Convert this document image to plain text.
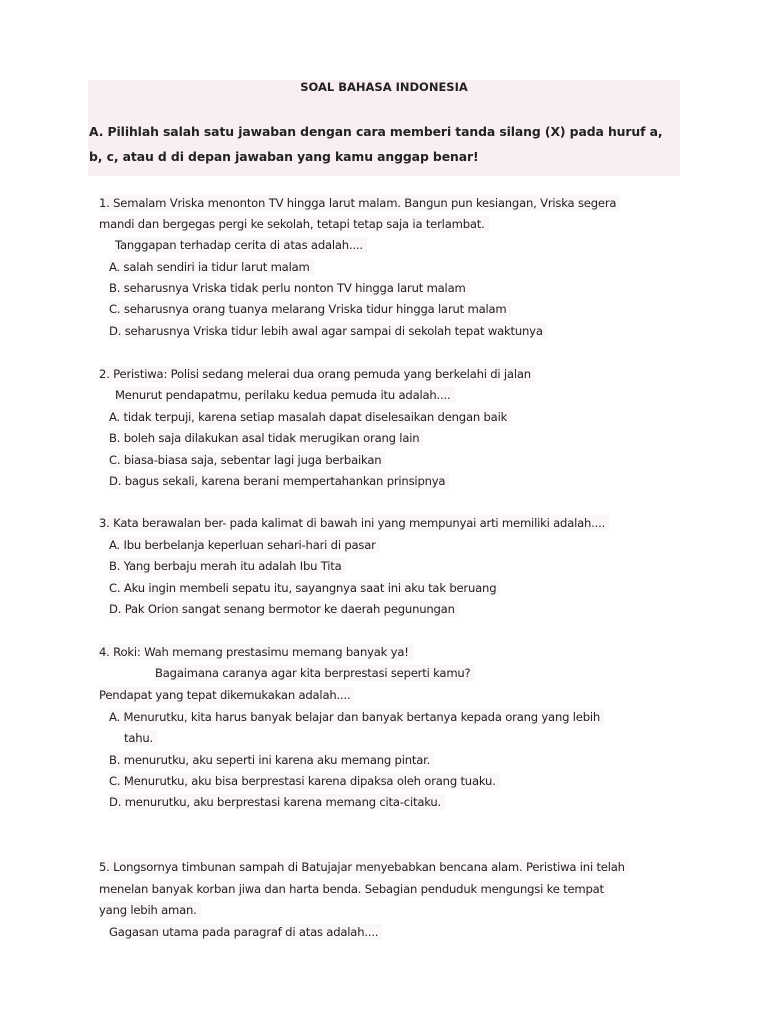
SOAL BAHASA INDONESIA
A. Pilihlah salah satu jawaban dengan cara memberi tanda silang (X) pada huruf a,
b, c, atau d di depan jawaban yang kamu anggap benar!
1. Semalam Vriska menonton TV hingga larut malam. Bangun pun kesiangan, Vriska segera
mandi dan bergegas pergi ke sekolah, tetapi tetap saja ia terlambat.
Tanggapan terhadap cerita di atas adalah....
A. salah sendiri ia tidur larut malam
B. seharusnya Vriska tidak perlu nonton TV hingga larut malam
C. seharusnya orang tuanya melarang Vriska tidur hingga larut malam
D. seharusnya Vriska tidur lebih awal agar sampai di sekolah tepat waktunya
2. Peristiwa: Polisi sedang melerai dua orang pemuda yang berkelahi di jalan
Menurut pendapatmu, perilaku kedua pemuda itu adalah....
A. tidak terpuji, karena setiap masalah dapat diselesaikan dengan baik
B. boleh saja dilakukan asal tidak merugikan orang lain
C. biasa-biasa saja, sebentar lagi juga berbaikan
D. bagus sekali, karena berani mempertahankan prinsipnya
3. Kata berawalan ber- pada kalimat di bawah ini yang mempunyai arti memiliki adalah....
A. Ibu berbelanja keperluan sehari-hari di pasar
B. Yang berbaju merah itu adalah Ibu Tita
C. Aku ingin membeli sepatu itu, sayangnya saat ini aku tak beruang
D. Pak Orion sangat senang bermotor ke daerah pegunungan
4. Roki: Wah memang prestasimu memang banyak ya!
Bagaimana caranya agar kita berprestasi seperti kamu?
Pendapat yang tepat dikemukakan adalah....
A. Menurutku, kita harus banyak belajar dan banyak bertanya kepada orang yang lebih
tahu.
B. menurutku, aku seperti ini karena aku memang pintar.
C. Menurutku, aku bisa berprestasi karena dipaksa oleh orang tuaku.
D. menurutku, aku berprestasi karena memang cita-citaku.
5. Longsornya timbunan sampah di Batujajar menyebabkan bencana alam. Peristiwa ini telah
menelan banyak korban jiwa dan harta benda. Sebagian penduduk mengungsi ke tempat
yang lebih aman.
Gagasan utama pada paragraf di atas adalah....
